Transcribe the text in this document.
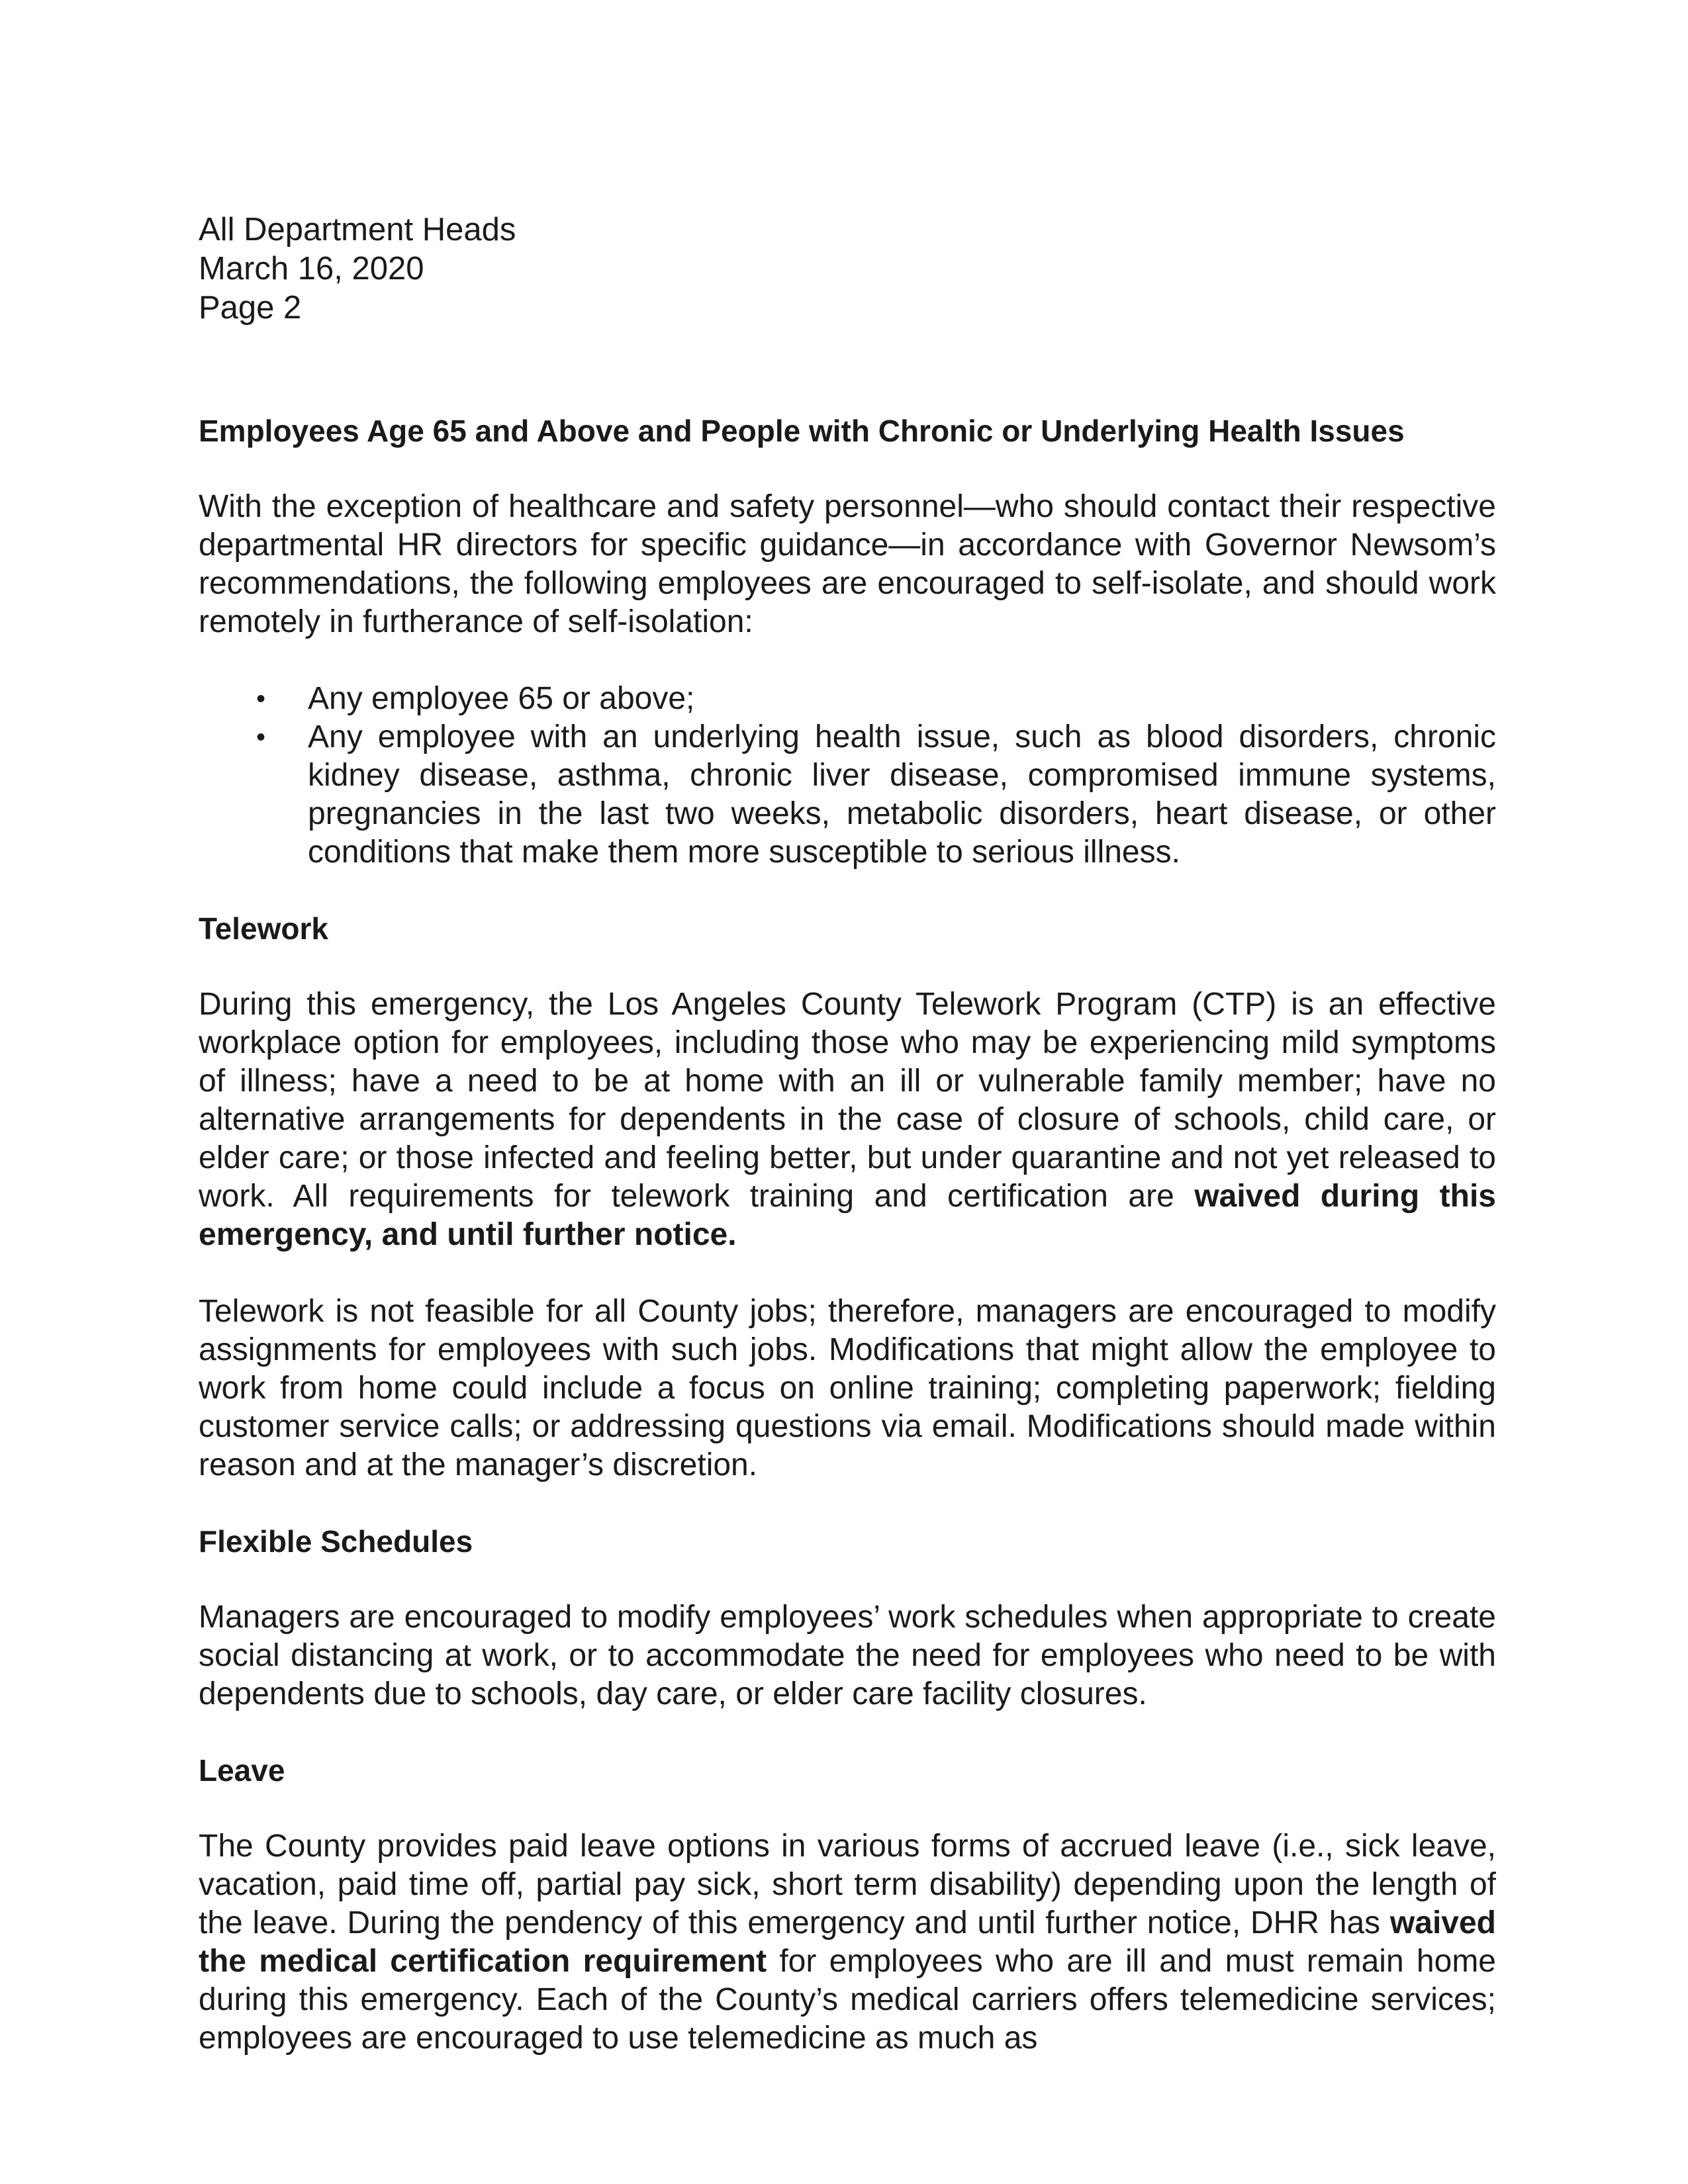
All Department Heads
March 16, 2020
Page 2
Employees Age 65 and Above and People with Chronic or Underlying Health Issues

With the exception of healthcare and safety personnel—who should contact their respective departmental HR directors for specific guidance—in accordance with Governor Newsom’s recommendations, the following employees are encouraged to self-isolate, and should work remotely in furtherance of self-isolation:

• Any employee 65 or above;
• Any employee with an underlying health issue, such as blood disorders, chronic kidney disease, asthma, chronic liver disease, compromised immune systems, pregnancies in the last two weeks, metabolic disorders, heart disease, or other conditions that make them more susceptible to serious illness.
Telework

During this emergency, the Los Angeles County Telework Program (CTP) is an effective workplace option for employees, including those who may be experiencing mild symptoms of illness; have a need to be at home with an ill or vulnerable family member; have no alternative arrangements for dependents in the case of closure of schools, child care, or elder care; or those infected and feeling better, but under quarantine and not yet released to work. All requirements for telework training and certification are waived during this emergency, and until further notice.

Telework is not feasible for all County jobs; therefore, managers are encouraged to modify assignments for employees with such jobs. Modifications that might allow the employee to work from home could include a focus on online training; completing paperwork; fielding customer service calls; or addressing questions via email. Modifications should made within reason and at the manager’s discretion.

Flexible Schedules

Managers are encouraged to modify employees’ work schedules when appropriate to create social distancing at work, or to accommodate the need for employees who need to be with dependents due to schools, day care, or elder care facility closures.

Leave

The County provides paid leave options in various forms of accrued leave (i.e., sick leave, vacation, paid time off, partial pay sick, short term disability) depending upon the length of the leave. During the pendency of this emergency and until further notice, DHR has waived the medical certification requirement for employees who are ill and must remain home during this emergency. Each of the County’s medical carriers offers telemedicine services; employees are encouraged to use telemedicine as much as
